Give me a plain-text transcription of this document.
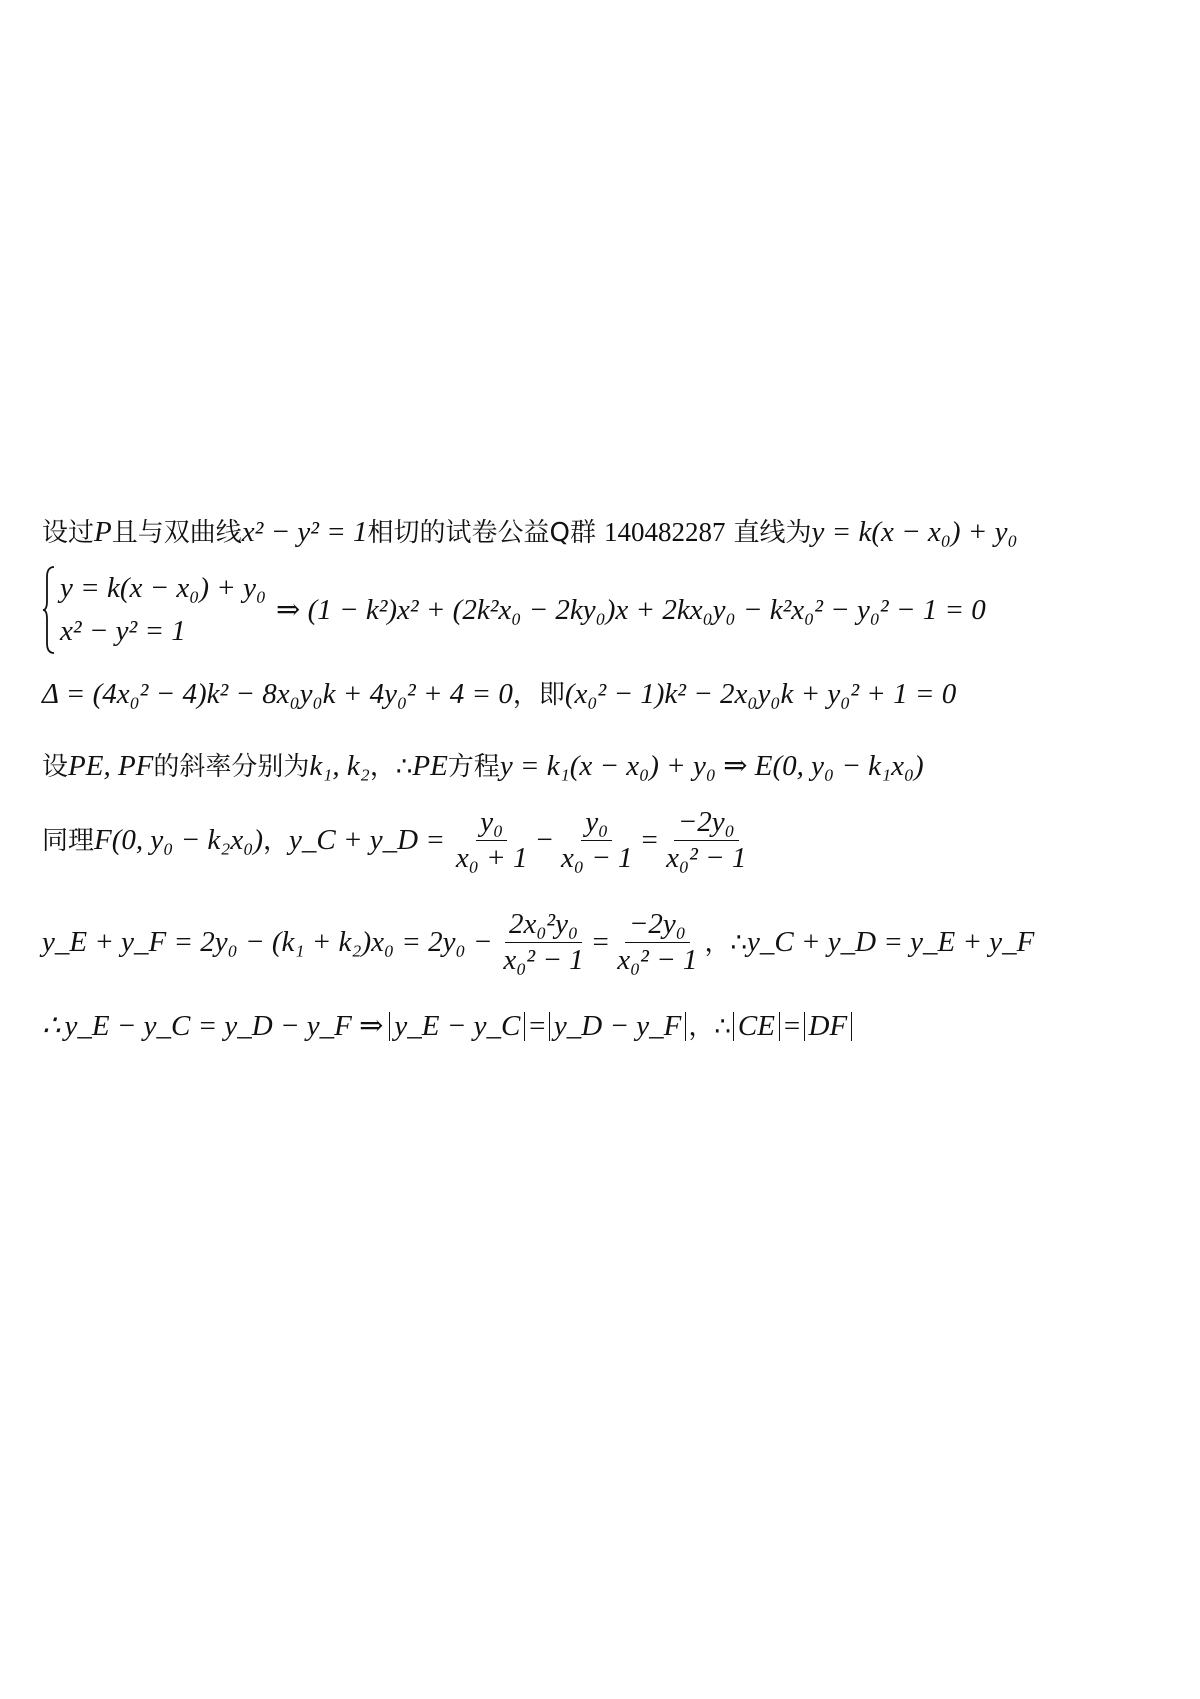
设过 P 且与双曲线 x² − y² = 1 相切的试卷公益Q群 140482287 直线为 y = k(x − x₀) + y₀
y = k(x − x₀) + y₀
x² − y² = 1
⇒ (1 − k²)x² + (2k²x₀ − 2ky₀)x + 2kx₀y₀ − k²x₀² − y₀² − 1 = 0
Δ = (4x₀² − 4)k² − 8x₀y₀k + 4y₀² + 4 = 0 ，即 (x₀² − 1)k² − 2x₀y₀k + y₀² + 1 = 0
设 PE, PF 的斜率分别为 k₁, k₂ ，∴ PE 方程 y = k₁(x − x₀) + y₀ ⇒ E(0, y₀ − k₁x₀)
同理 F(0, y₀ − k₂x₀) ， y_C + y_D = $\frac{\text{y₀}}{\text{x₀ + 1}} - \frac{\text{y₀}}{\text{x₀ − 1}} = \frac{\text{−2y₀}}{\text{x₀² − 1}}$
y_E + y_F = $2y_0 - (k_1 + k_2)x_0 = 2y_0 - \frac{\text{2x₀²y₀}}{\text{x₀² − 1}} = \frac{\text{−2y₀}}{\text{x₀² − 1}}$ ，∴ y_C + y_D = y_E + y_F
∴ y_E − y_C = y_D − y_F ⇒ y_E − y_C = y_D − y_F ，∴ CE = DF
